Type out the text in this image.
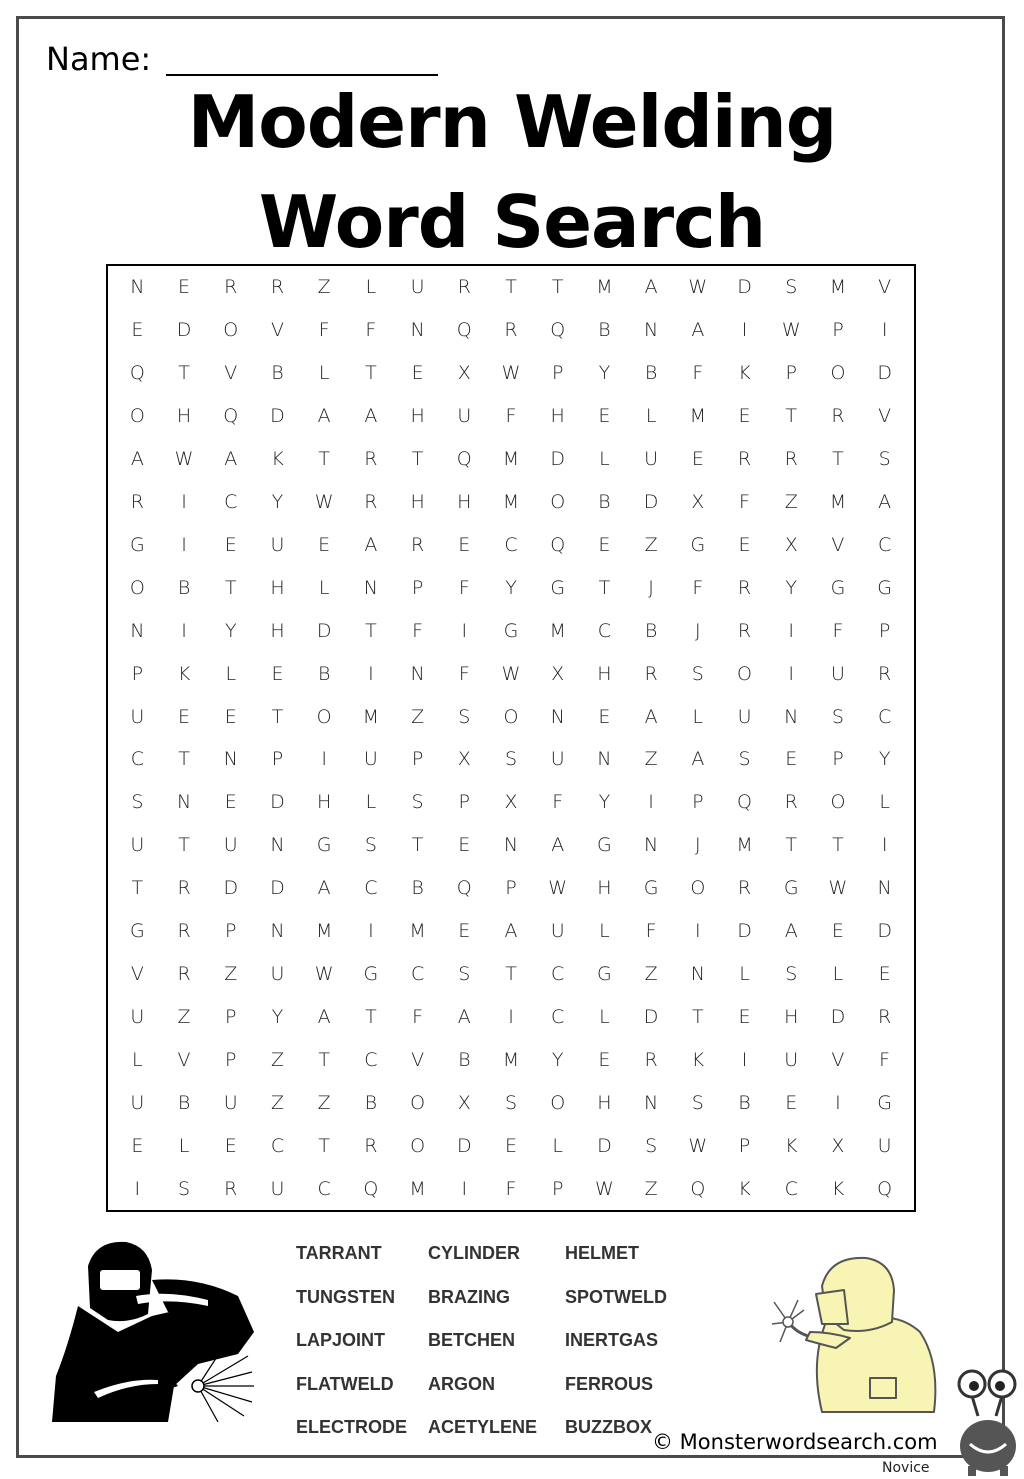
Name:
Modern Welding
Word Search
N	E	R	R	Z	L	U	R	T	T	M	A	W	D	S	M	V
E	D	O	V	F	F	N	Q	R	Q	B	N	A	I	W	P	I
Q	T	V	B	L	T	E	X	W	P	Y	B	F	K	P	O	D
O	H	Q	D	A	A	H	U	F	H	E	L	M	E	T	R	V
A	W	A	K	T	R	T	Q	M	D	L	U	E	R	R	T	S
R	I	C	Y	W	R	H	H	M	O	B	D	X	F	Z	M	A
G	I	E	U	E	A	R	E	C	Q	E	Z	G	E	X	V	C
O	B	T	H	L	N	P	F	Y	G	T	J	F	R	Y	G	G
N	I	Y	H	D	T	F	I	G	M	C	B	J	R	I	F	P
P	K	L	E	B	I	N	F	W	X	H	R	S	O	I	U	R
U	E	E	T	O	M	Z	S	O	N	E	A	L	U	N	S	C
C	T	N	P	I	U	P	X	S	U	N	Z	A	S	E	P	Y
S	N	E	D	H	L	S	P	X	F	Y	I	P	Q	R	O	L
U	T	U	N	G	S	T	E	N	A	G	N	J	M	T	T	I
T	R	D	D	A	C	B	Q	P	W	H	G	O	R	G	W	N
G	R	P	N	M	I	M	E	A	U	L	F	I	D	A	E	D
V	R	Z	U	W	G	C	S	T	C	G	Z	N	L	S	L	E
U	Z	P	Y	A	T	F	A	I	C	L	D	T	E	H	D	R
L	V	P	Z	T	C	V	B	M	Y	E	R	K	I	U	V	F
U	B	U	Z	Z	B	O	X	S	O	H	N	S	B	E	I	G
E	L	E	C	T	R	O	D	E	L	D	S	W	P	K	X	U
I	S	R	U	C	Q	M	I	F	P	W	Z	Q	K	C	K	Q
TARRANT	CYLINDER	HELMET
TUNGSTEN	BRAZING	SPOTWELD
LAPJOINT	BETCHEN	INERTGAS
FLATWELD	ARGON	FERROUS
ELECTRODE	ACETYLENE	BUZZBOX
© Monsterwordsearch.com
Novice
